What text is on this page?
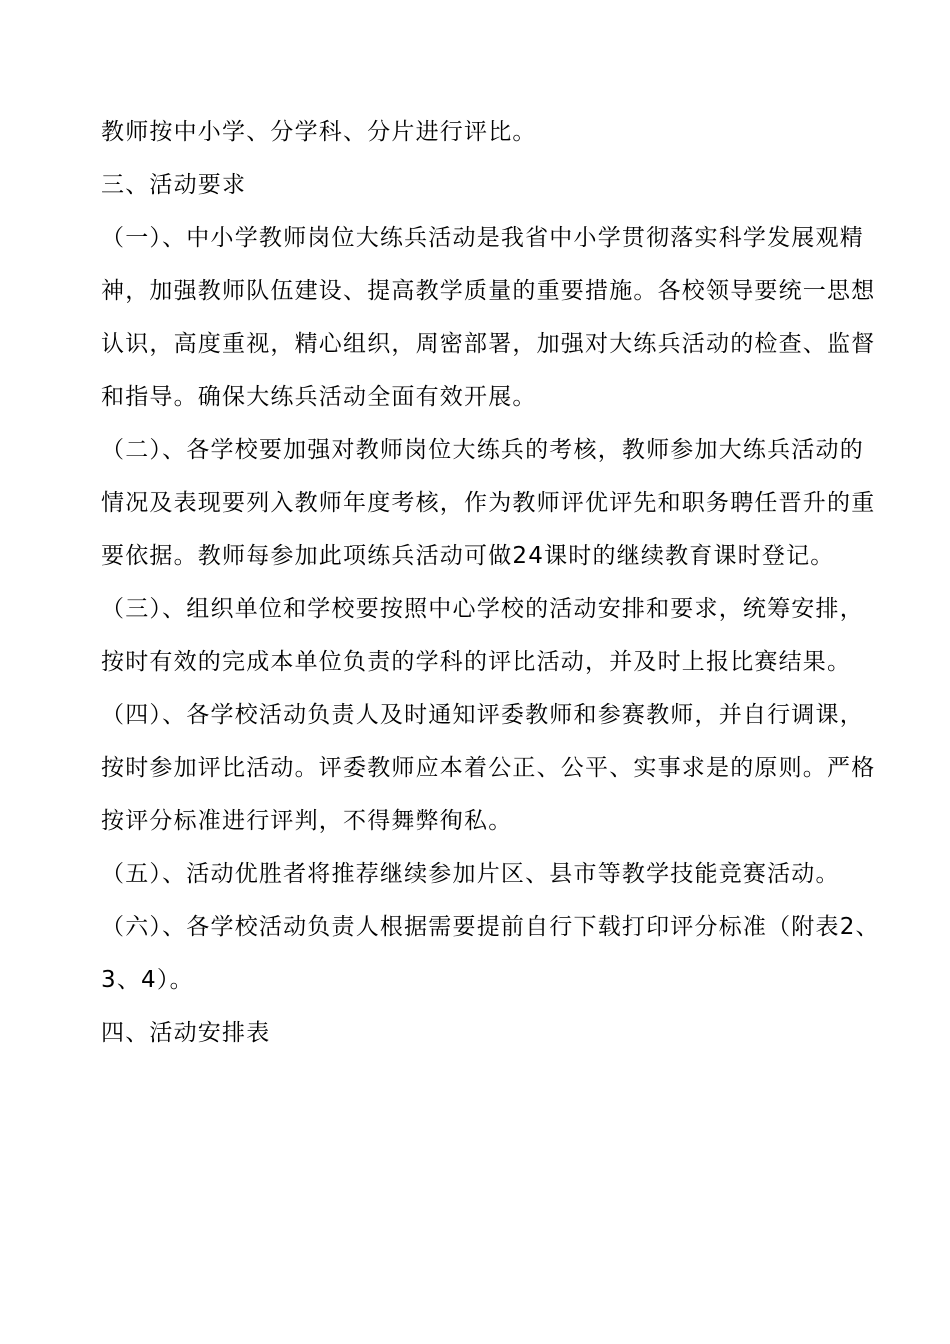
教师按中小学、分学科、分片进行评比。
三、活动要求
（一）、中小学教师岗位大练兵活动是我省中小学贯彻落实科学发展观精
神，加强教师队伍建设、提高教学质量的重要措施。各校领导要统一思想
认识，高度重视，精心组织，周密部署，加强对大练兵活动的检查、监督
和指导。确保大练兵活动全面有效开展。
（二）、各学校要加强对教师岗位大练兵的考核，教师参加大练兵活动的
情况及表现要列入教师年度考核，作为教师评优评先和职务聘任晋升的重
要依据。教师每参加此项练兵活动可做24课时的继续教育课时登记。
（三）、组织单位和学校要按照中心学校的活动安排和要求，统筹安排，
按时有效的完成本单位负责的学科的评比活动，并及时上报比赛结果。
（四）、各学校活动负责人及时通知评委教师和参赛教师，并自行调课，
按时参加评比活动。评委教师应本着公正、公平、实事求是的原则。严格
按评分标准进行评判，不得舞弊徇私。
（五）、活动优胜者将推荐继续参加片区、县市等教学技能竞赛活动。
（六）、各学校活动负责人根据需要提前自行下载打印评分标准（附表2、
3、4）。
四、活动安排表
